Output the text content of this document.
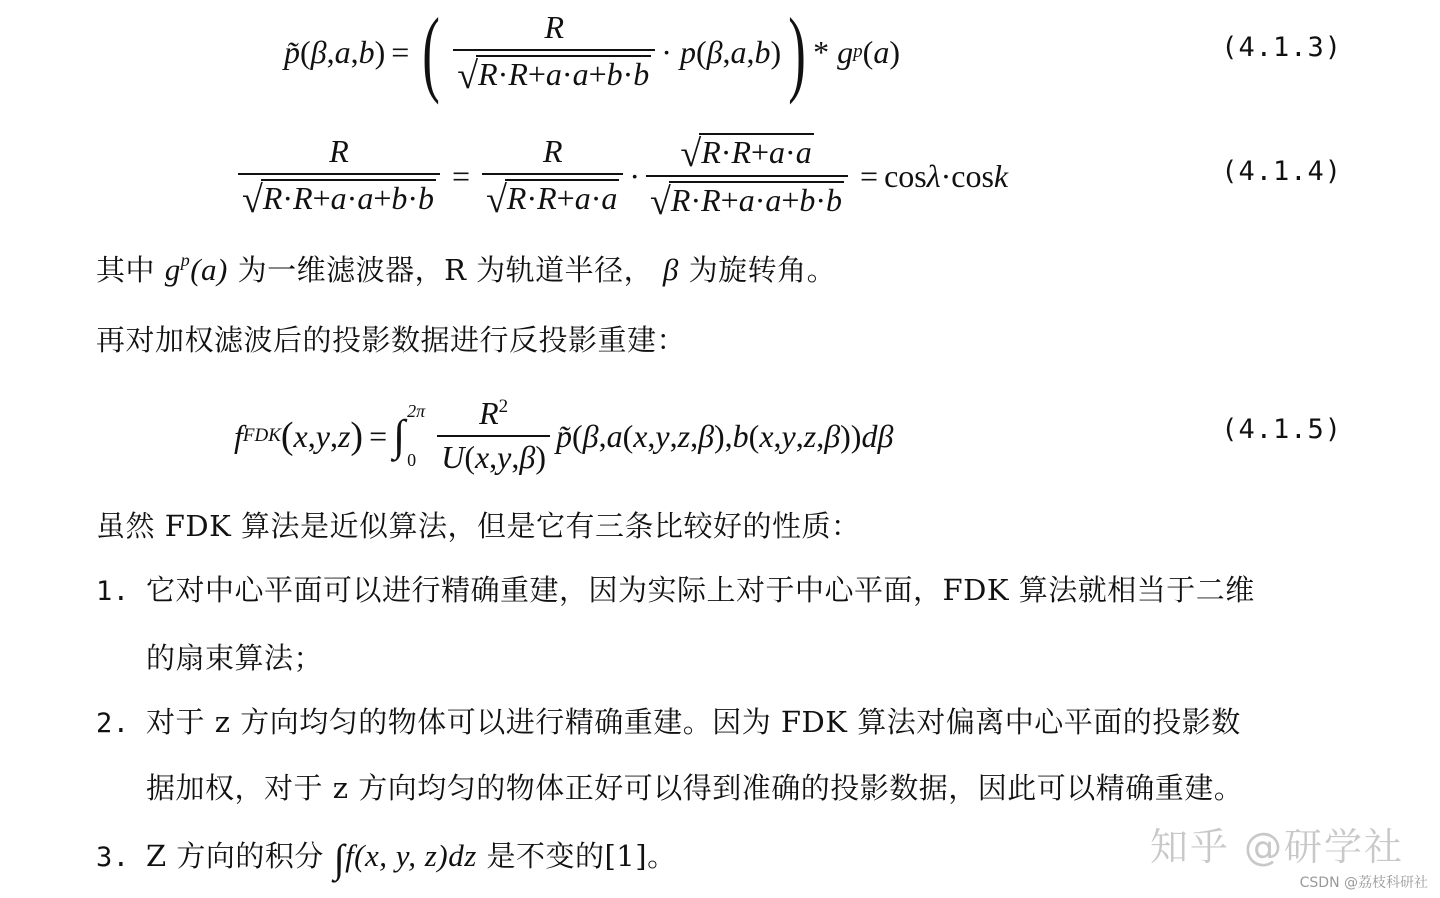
p̃ ( β , a , b ) = ( $\frac{R}{√ R\cdot R+a\cdot a+b\cdot b} \cdot p$ ( β , a , b ) ) * g p ( a )	(4.1.3)
$\frac{R}{√ R\cdot R+a\cdot a+b\cdot b} = \frac{R}{√ R\cdot R+a\cdot a} \cdot \frac{√ R\cdot R+a\cdot a}{√ R\cdot R+a\cdot a+b\cdot b} = \cos \lambda \cdot\cos$ k	(4.1.4)
其中 $g^p(a)$ 为一维滤波器，R 为轨道半径， β 为旋转角。
再对加权滤波后的投影数据进行反投影重建：
f FDK ( x , y , z ) = ∫ 2π
$0 \frac{R^2}{U ( x , y , \beta )}$ p̃ ( β , a ( x , y , z , β ), b ( x , y , z , β )) dβ	(4.1.5)
虽然 FDK 算法是近似算法，但是它有三条比较好的性质：
1. 它对中心平面可以进行精确重建，因为实际上对于中心平面，FDK 算法就相当于二维
的扇束算法；
2. 对于 z 方向均匀的物体可以进行精确重建。因为 FDK 算法对偏离中心平面的投影数
据加权，对于 z 方向均匀的物体正好可以得到准确的投影数据，因此可以精确重建。
3. Z 方向的积分 ∫f(x, y, z)dz 是不变的[1]。	知乎 @研学社
CSDN @荔枝科研社
